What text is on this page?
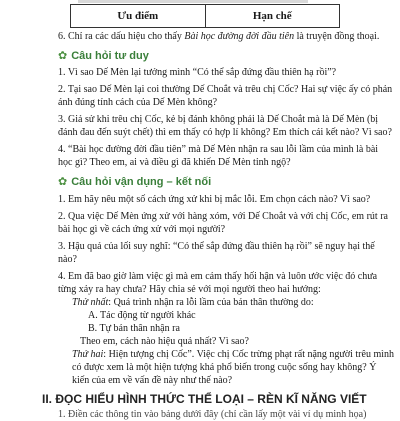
Ưu điểm	Hạn chế

6. Chỉ ra các dấu hiệu cho thấy Bài học đường đời đầu tiên là truyện đồng thoại.

✿ Câu hỏi tư duy

1. Vì sao Dế Mèn lại tưởng mình “Có thể sắp đứng đầu thiên hạ rồi”?

2. Tại sao Dế Mèn lại coi thường Dế Choắt và trêu chị Cốc? Hai sự việc ấy có phản ánh đúng tính cách của Dế Mèn không?

3. Giả sử khi trêu chị Cốc, kẻ bị đánh không phải là Dế Choắt mà là Dế Mèn (bị đánh đau đến suýt chết) thì em thấy có hợp lí không? Em thích cái kết nào? Vì sao?

4. “Bài học đường đời đầu tiên” mà Dế Mèn nhận ra sau lỗi lầm của mình là bài học gì? Theo em, ai và điều gì đã khiến Dế Mèn tỉnh ngộ?

✿ Câu hỏi vận dụng – kết nối

1. Em hãy nêu một số cách ứng xử khi bị mắc lỗi. Em chọn cách nào? Vì sao?

2. Qua việc Dế Mèn ứng xử với hàng xóm, với Dế Choắt và với chị Cốc, em rút ra bài học gì về cách ứng xử với mọi người?

3. Hậu quả của lối suy nghĩ: “Có thể sắp đứng đầu thiên hạ rồi” sẽ nguy hại thế nào?

4. Em đã bao giờ làm việc gì mà em cảm thấy hối hận và luôn ước việc đó chưa từng xảy ra hay chưa? Hãy chia sẻ với mọi người theo hai hướng:

Thử nhất: Quá trình nhận ra lỗi lầm của bản thân thường do:

A. Tác động từ người khác

B. Tự bản thân nhận ra

Theo em, cách nào hiệu quả nhất? Vì sao?

Thứ hai: Hiện tượng chị Cốc”. Việc chị Cốc trừng phạt rất nặng người trêu mình có được xem là một hiện tượng khá phổ biến trong cuộc sống hay không? Ý kiến của em về vấn đề này như thế nào?

II. ĐỌC HIỂU HÌNH THỨC THỂ LOẠI – RÈN KĨ NĂNG VIẾT

1. Điền các thông tin vào bảng dưới đây (chỉ cần lấy một vài ví dụ minh họa)
